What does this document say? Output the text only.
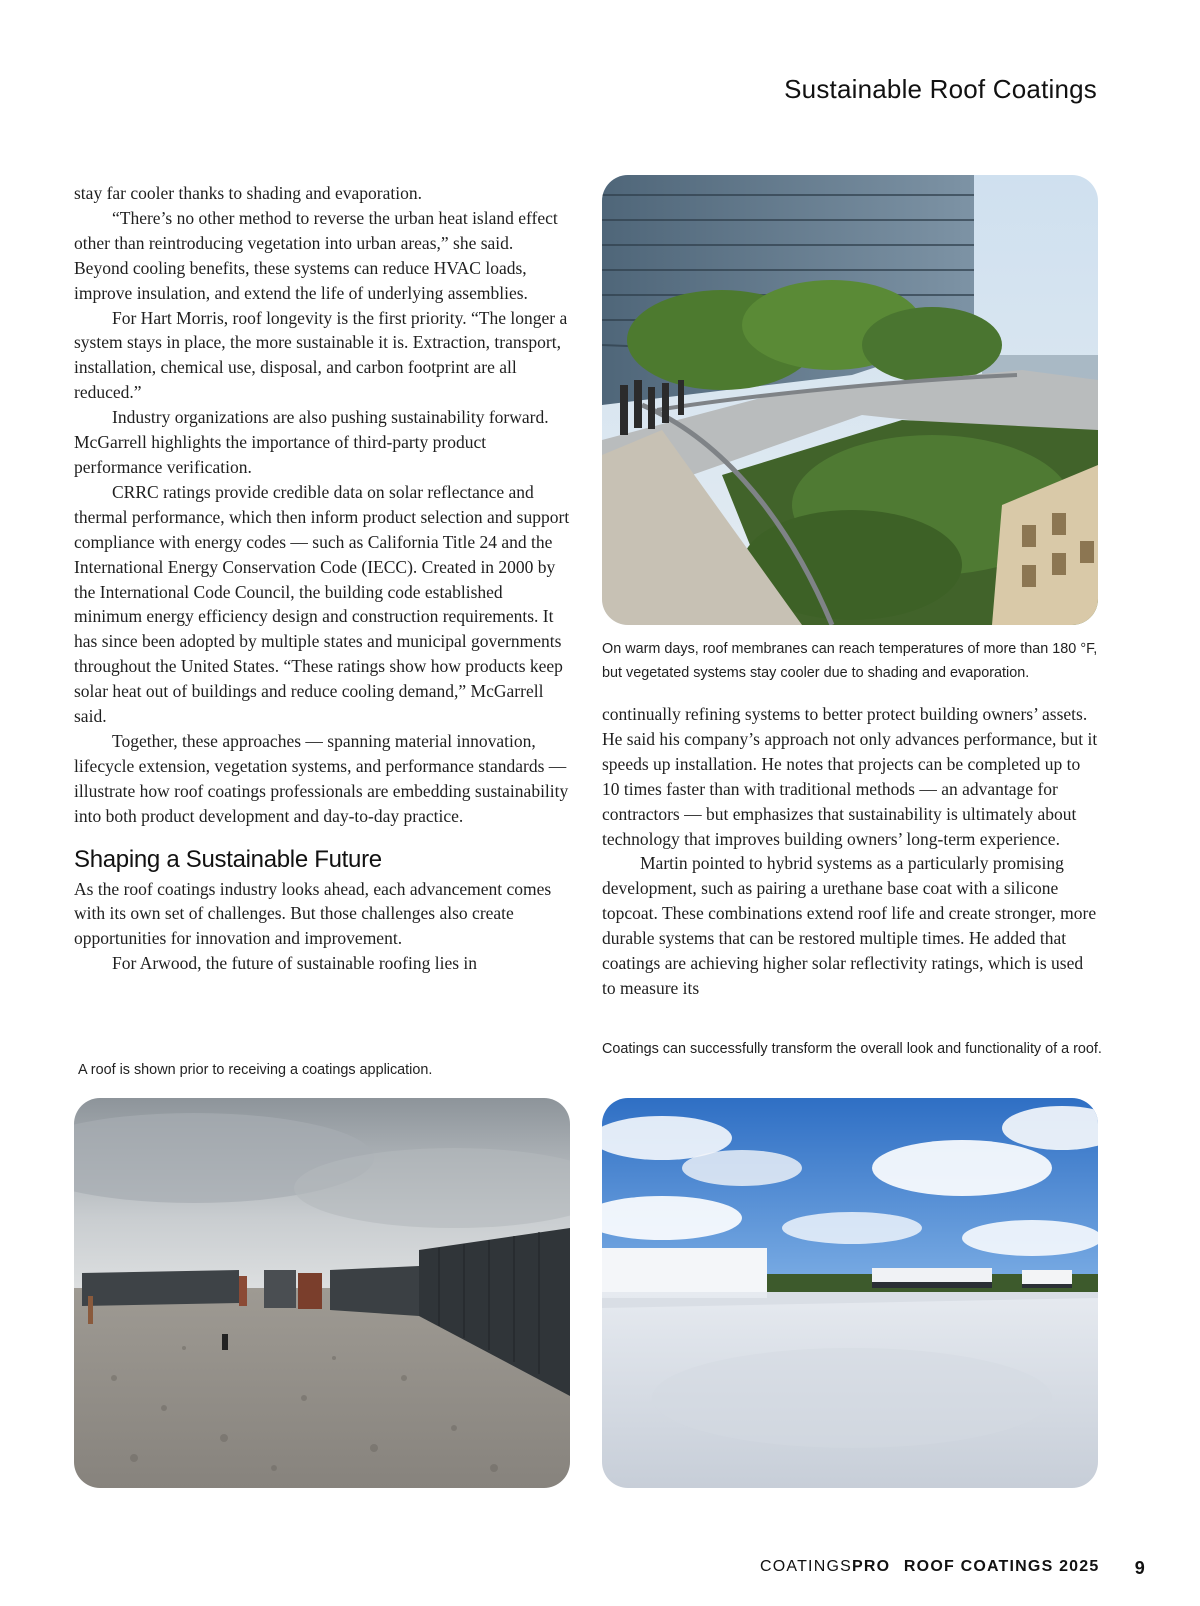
Sustainable Roof Coatings
On warm days, roof membranes can reach temperatures of more than 180 °F, but vegetated systems stay cooler due to shading and evaporation.

stay far cooler thanks to shading and evaporation.

“There’s no other method to reverse the urban heat island effect other than reintroducing vegetation into urban areas,” she said. Beyond cooling benefits, these systems can reduce HVAC loads, improve insulation, and extend the life of underlying assemblies.

For Hart Morris, roof longevity is the first priority. “The longer a system stays in place, the more sustainable it is. Extraction, transport, installation, chemical use, disposal, and carbon footprint are all reduced.”

Industry organizations are also pushing sustainability forward. McGarrell highlights the importance of third-party product performance verification.

CRRC ratings provide credible data on solar reflectance and thermal performance, which then inform product selection and support compliance with energy codes — such as California Title 24 and the International Energy Conservation Code (IECC). Created in 2000 by the International Code Council, the building code established minimum energy efficiency design and construction requirements. It has since been adopted by multiple states and municipal governments throughout the United States. “These ratings show how products keep solar heat out of buildings and reduce cooling demand,” McGarrell said.

Together, these approaches — spanning material innovation, lifecycle extension, vegetation systems, and performance standards — illustrate how roof coatings professionals are embedding sustainability into both product development and day-to-day practice.

Shaping a Sustainable Future

As the roof coatings industry looks ahead, each advancement comes with its own set of challenges. But those challenges also create opportunities for innovation and improvement.

For Arwood, the future of sustainable roofing lies in

continually refining systems to better protect building owners’ assets. He said his company’s approach not only advances performance, but it speeds up installation. He notes that projects can be completed up to 10 times faster than with traditional methods — an advantage for contractors — but emphasizes that sustainability is ultimately about technology that improves building owners’ long-term experience.

Martin pointed to hybrid systems as a particularly promising development, such as pairing a urethane base coat with a silicone topcoat. These combinations extend roof life and create stronger, more durable systems that can be restored multiple times. He added that coatings are achieving higher solar reflectivity ratings, which is used to measure its

A roof is shown prior to receiving a coatings application.
Coatings can successfully transform the overall look and functionality of a roof.
COATINGSPRO ROOF COATINGS 2025 9
